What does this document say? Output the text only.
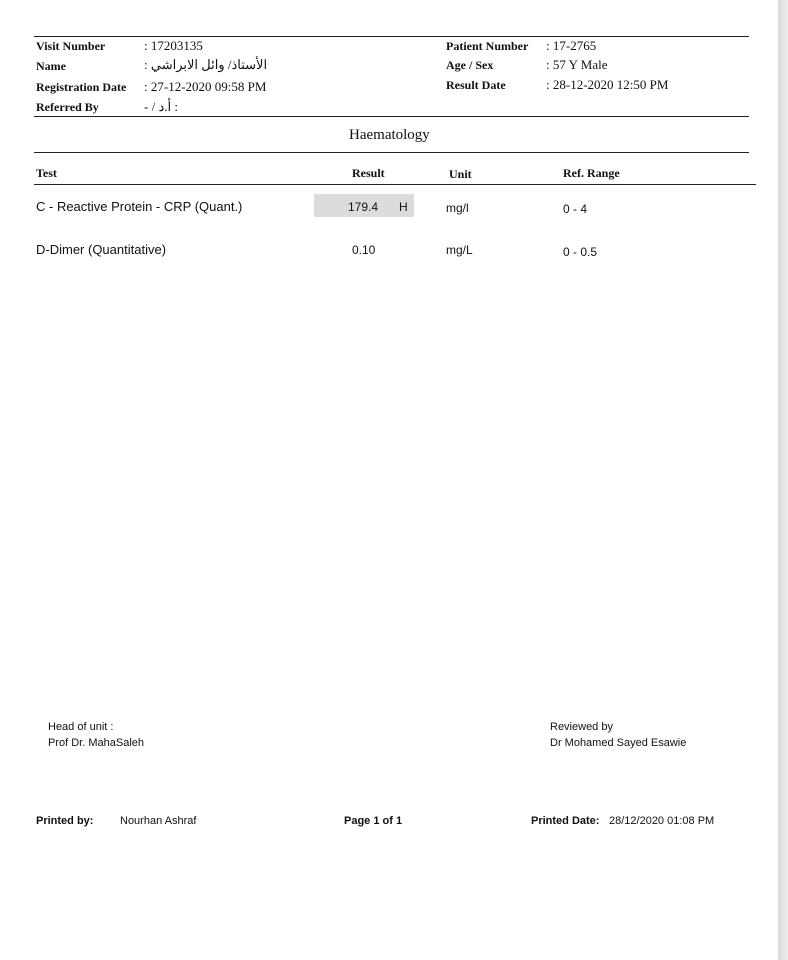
Visit Number	: 17203135
Name	الأستاذ/ وائل الابراشي :
Registration Date : 27-12-2020 09:58 PM
Referred By	: أ.د / -
Patient Number : 17-2765
Age / Sex	: 57 Y Male
Result Date	: 28-12-2020 12:50 PM
Haematology
Test	Result	Unit	Ref. Range
C - Reactive Protein - CRP (Quant.)	179.4 H	mg/l	0 - 4
D-Dimer (Quantitative)	0.10	mg/L	0 - 0.5
Head of unit :
Prof Dr. MahaSaleh
Reviewed by
Dr Mohamed Sayed Esawie
Printed by: Nourhan Ashraf	Page 1 of 1	Printed Date: 28/12/2020 01:08 PM
